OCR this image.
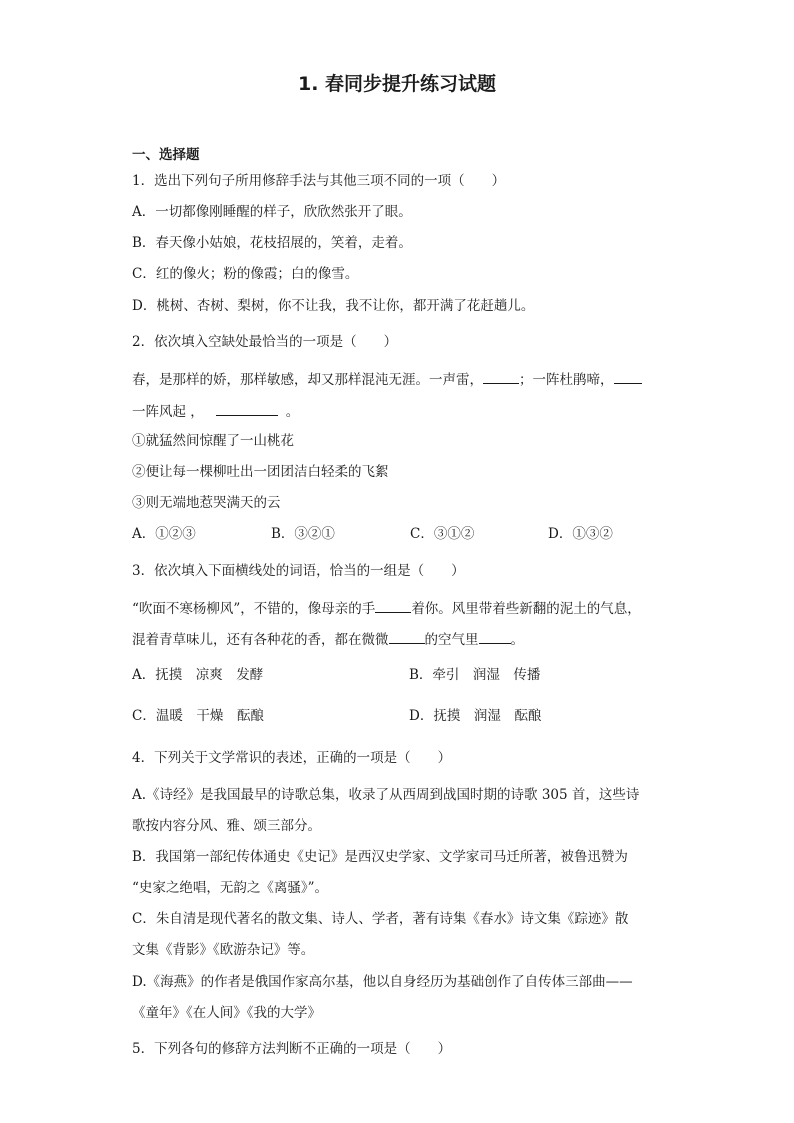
1. 春同步提升练习试题
一、选择题
1．选出下列句子所用修辞手法与其他三项不同的一项（　　）
A．一切都像刚睡醒的样子，欣欣然张开了眼。
B．春天像小姑娘，花枝招展的，笑着，走着。
C．红的像火；粉的像霞；白的像雪。
D．桃树、杏树、梨树，你不让我，我不让你，都开满了花赶趟儿。
2．依次填入空缺处最恰当的一项是（　　）
春，是那样的娇，那样敏感，却又那样混沌无涯。一声雷，	；一阵杜鹃啼，
一阵风起 ，	。
①就猛然间惊醒了一山桃花
②便让每一棵柳吐出一团团洁白轻柔的飞絮
③则无端地惹哭满天的云
A．①②③	B．③②①	C．③①②	D．①③②
3．依次填入下面横线处的词语，恰当的一组是（　　）
“吹面不寒杨柳风”，不错的，像母亲的手	着你。风里带着些新翻的泥土的气息，
混着青草味儿，还有各种花的香，都在微微	的空气里 。
A．抚摸　凉爽　发酵	B．牵引　润湿　传播
C．温暖　干燥　酝酿	D．抚摸　润湿　酝酿
4．下列关于文学常识的表述，正确的一项是（　　）
A.《诗经》是我国最早的诗歌总集，收录了从西周到战国时期的诗歌 305 首，这些诗
歌按内容分风、雅、颂三部分。
B．我国第一部纪传体通史《史记》是西汉史学家、文学家司马迁所著，被鲁迅赞为
“史家之绝唱，无韵之《离骚》”。
C．朱自清是现代著名的散文集、诗人、学者，著有诗集《春水》诗文集《踪迹》散
文集《背影》《欧游杂记》等。
D.《海燕》的作者是俄国作家高尔基，他以自身经历为基础创作了自传体三部曲——
《童年》《在人间》《我的大学》
5．下列各句的修辞方法判断不正确的一项是（　　）
